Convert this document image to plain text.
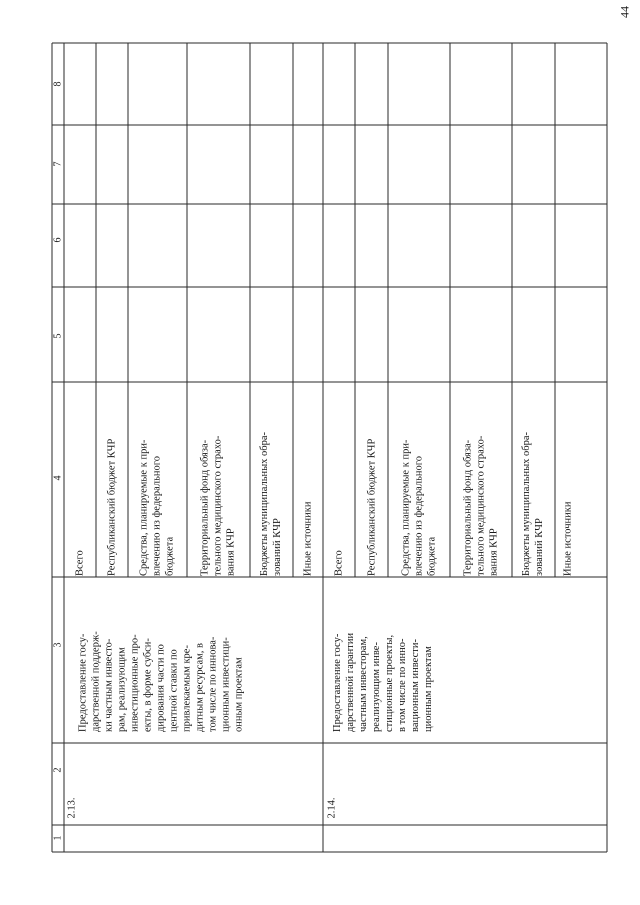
44
1
2
3
4
5
6
7
8
2.13.
Предоставление госу- дарственной поддерж- ки частным инвесто- рам, реализующим инвестиционные про- екты, в форме субси- дирования части по центной ставки по привлекаемым кре- дитным ресурсам, в том числе по иннова- ционным инвестици- онным проектам
Всего Республиканский бюджет КЧР Средства, планируемые к при- влечению из федерального бюджета Территориальный фонд обяза- тельного медицинского страхо- вания КЧР Бюджеты муниципальных обра- зований КЧР Иные источники
2.14.
Предоставление госу- дарственной гарантии частным инвесторам, реализующим инве- стиционные проекты, в том числе по инно- вационным инвести- ционным проектам
Всего Республиканский бюджет КЧР Средства, планируемые к при- влечению из федерального бюджета Территориальный фонд обяза- тельного медицинского страхо- вания КЧР Бюджеты муниципальных обра- зований КЧР Иные источники
